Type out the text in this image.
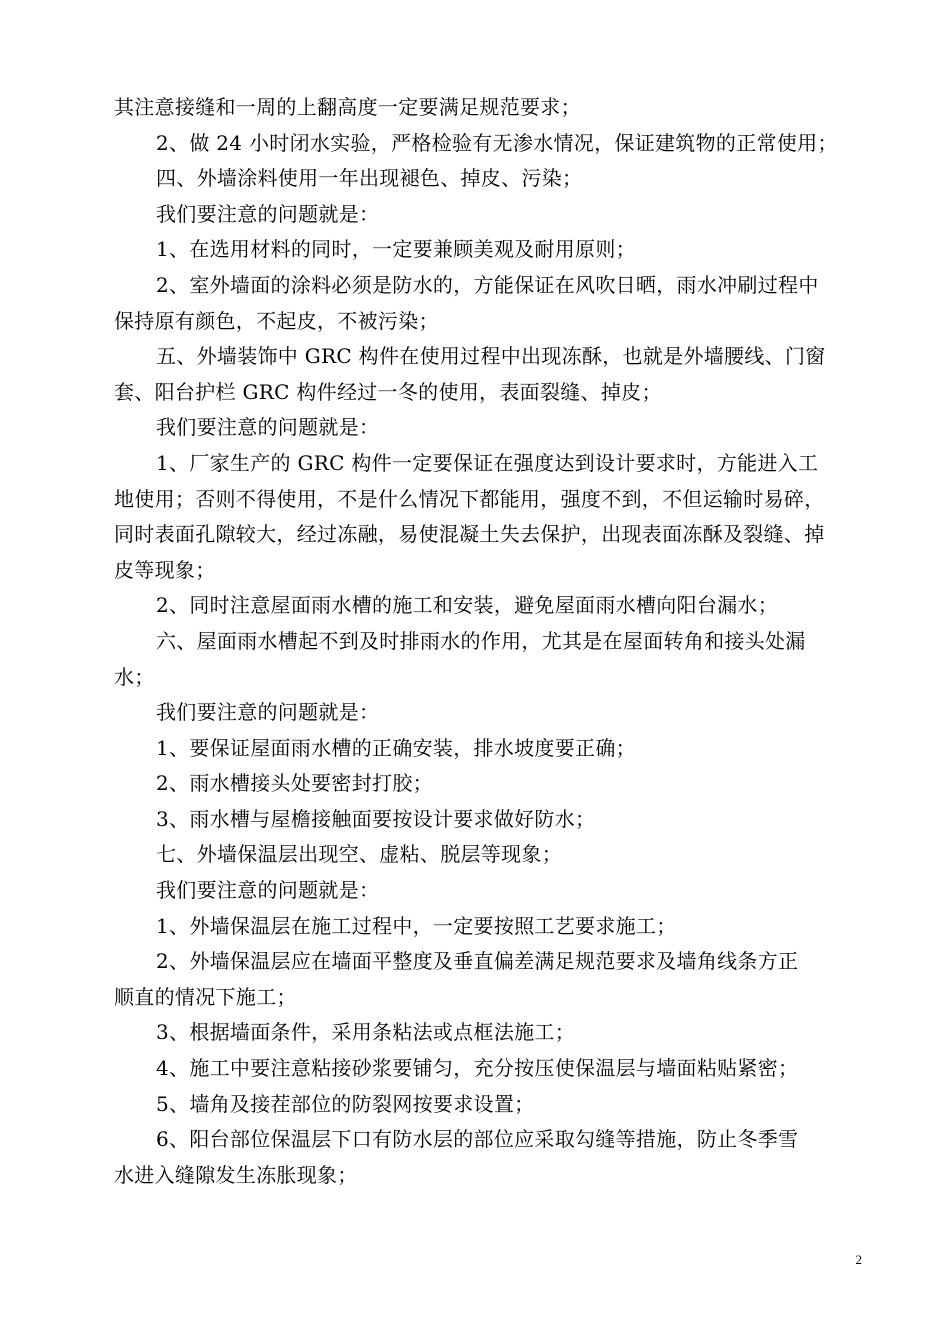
其注意接缝和一周的上翻高度一定要满足规范要求；
2、做 24 小时闭水实验，严格检验有无渗水情况，保证建筑物的正常使用；
四、外墙涂料使用一年出现褪色、掉皮、污染；
我们要注意的问题就是：
1、在选用材料的同时，一定要兼顾美观及耐用原则；
2、室外墙面的涂料必须是防水的，方能保证在风吹日晒，雨水冲刷过程中
保持原有颜色，不起皮，不被污染；
五、外墙装饰中 GRC 构件在使用过程中出现冻酥，也就是外墙腰线、门窗
套、阳台护栏 GRC 构件经过一冬的使用，表面裂缝、掉皮；
我们要注意的问题就是：
1、厂家生产的 GRC 构件一定要保证在强度达到设计要求时，方能进入工
地使用；否则不得使用，不是什么情况下都能用，强度不到，不但运输时易碎，
同时表面孔隙较大，经过冻融，易使混凝土失去保护，出现表面冻酥及裂缝、掉
皮等现象；
2、同时注意屋面雨水槽的施工和安装，避免屋面雨水槽向阳台漏水；
六、屋面雨水槽起不到及时排雨水的作用，尤其是在屋面转角和接头处漏
水；
我们要注意的问题就是：
1、要保证屋面雨水槽的正确安装，排水坡度要正确；
2、雨水槽接头处要密封打胶；
3、雨水槽与屋檐接触面要按设计要求做好防水；
七、外墙保温层出现空、虚粘、脱层等现象；
我们要注意的问题就是：
1、外墙保温层在施工过程中，一定要按照工艺要求施工；
2、外墙保温层应在墙面平整度及垂直偏差满足规范要求及墙角线条方正
顺直的情况下施工；
3、根据墙面条件，采用条粘法或点框法施工；
4、施工中要注意粘接砂浆要铺匀，充分按压使保温层与墙面粘贴紧密；
5、墙角及接茬部位的防裂网按要求设置；
6、阳台部位保温层下口有防水层的部位应采取勾缝等措施，防止冬季雪
水进入缝隙发生冻胀现象；
2
